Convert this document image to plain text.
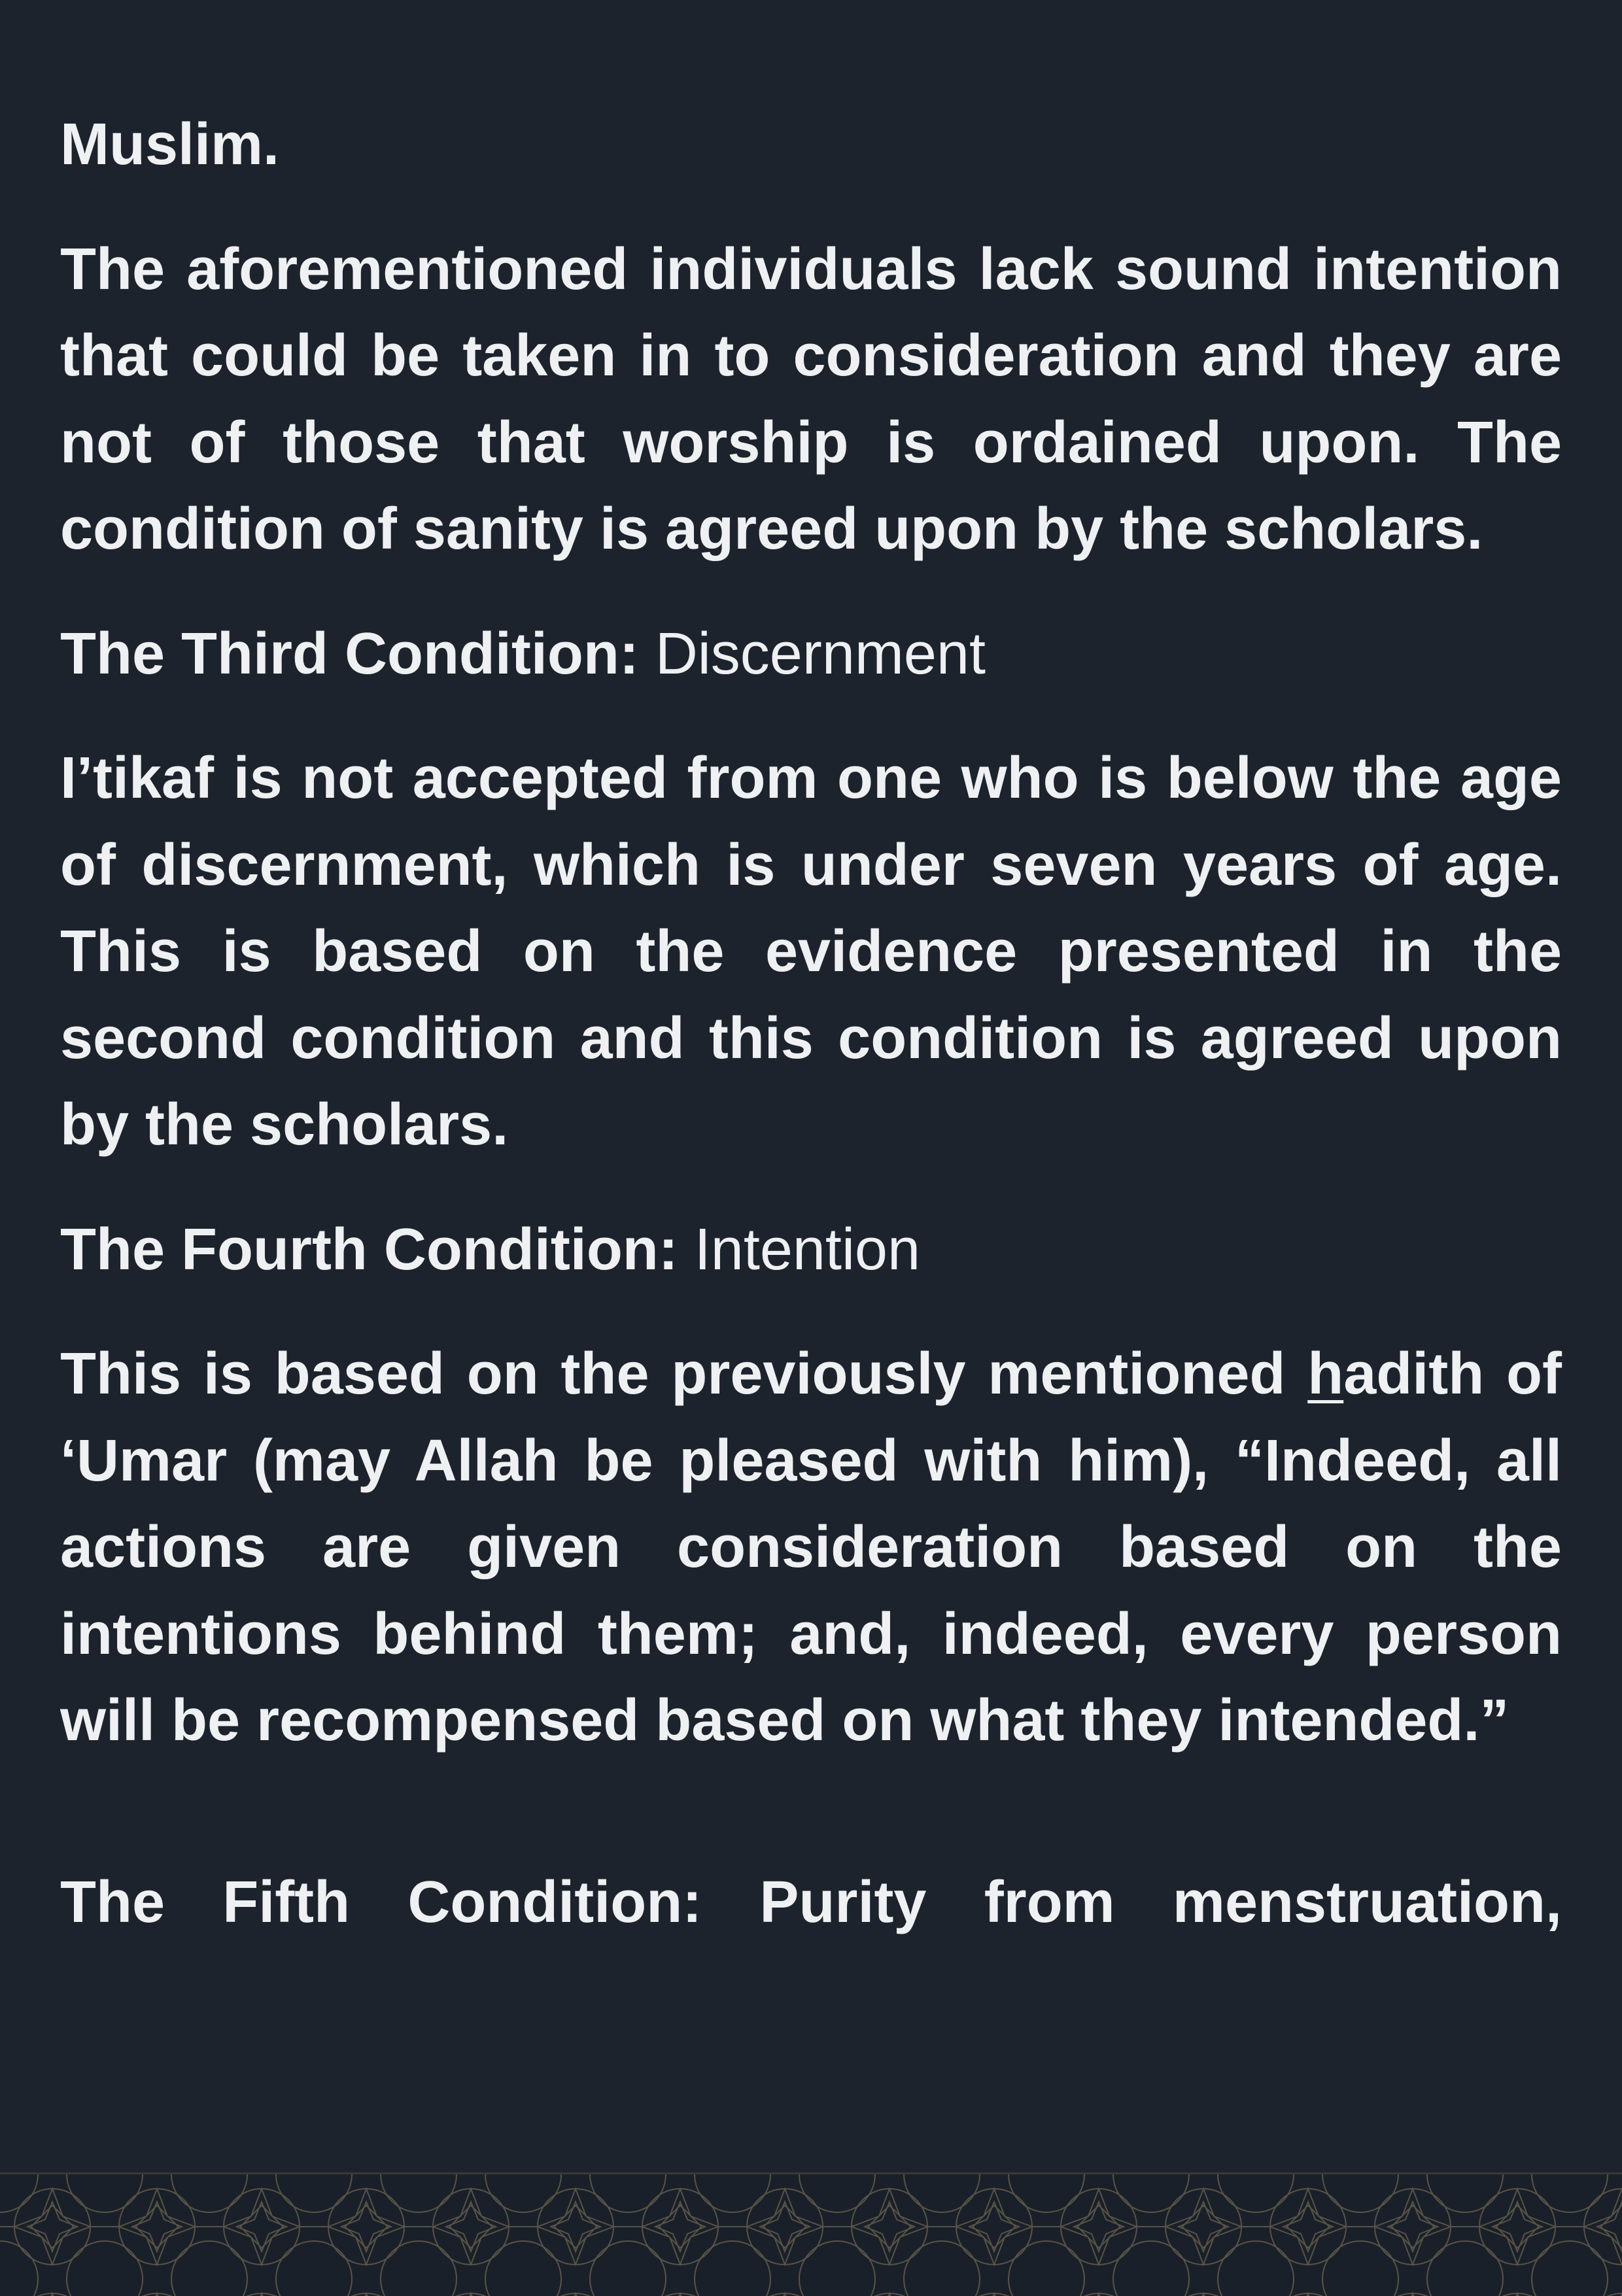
Muslim.

The aforementioned individuals lack sound intention that could be taken in to consideration and they are not of those that worship is ordained upon. The condition of sanity is agreed upon by the scholars.

The Third Condition: Discernment

I’tikaf is not accepted from one who is below the age of discernment, which is under seven years of age. This is based on the evidence presented in the second condition and this condition is agreed upon by the scholars.

The Fourth Condition: Intention

This is based on the previously mentioned hadith of ‘Umar (may Allah be pleased with him), “Indeed, all actions are given consideration based on the intentions behind them; and, indeed, every person will be recompensed based on what they intended.”

The Fifth Condition: Purity from menstruation,
